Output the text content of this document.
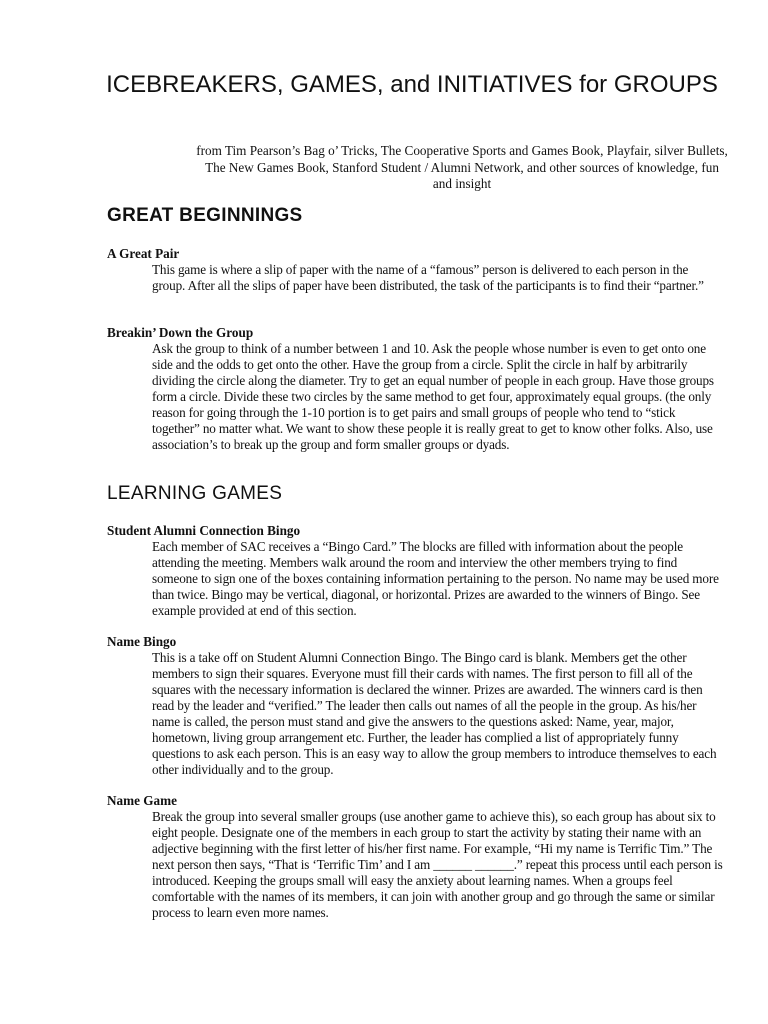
ICEBREAKERS, GAMES, and INITIATIVES for GROUPS

from Tim Pearson’s Bag o’ Tricks, The Cooperative Sports and Games Book, Playfair, silver Bullets, The New Games Book, Stanford Student / Alumni Network, and other sources of knowledge, fun and insight

GREAT BEGINNINGS
A Great Pair

This game is where a slip of paper with the name of a “famous” person is delivered to each person in the group. After all the slips of paper have been distributed, the task of the participants is to find their “partner.”

Breakin’ Down the Group

Ask the group to think of a number between 1 and 10. Ask the people whose number is even to get onto one side and the odds to get onto the other. Have the group from a circle. Split the circle in half by arbitrarily dividing the circle along the diameter. Try to get an equal number of people in each group. Have those groups form a circle. Divide these two circles by the same method to get four, approximately equal groups. (the only reason for going through the 1-10 portion is to get pairs and small groups of people who tend to “stick together” no matter what. We want to show these people it is really great to get to know other folks. Also, use association’s to break up the group and form smaller groups or dyads.

LEARNING GAMES
Student Alumni Connection Bingo

Each member of SAC receives a “Bingo Card.” The blocks are filled with information about the people attending the meeting. Members walk around the room and interview the other members trying to find someone to sign one of the boxes containing information pertaining to the person. No name may be used more than twice. Bingo may be vertical, diagonal, or horizontal. Prizes are awarded to the winners of Bingo. See example provided at end of this section.

Name Bingo

This is a take off on Student Alumni Connection Bingo. The Bingo card is blank. Members get the other members to sign their squares. Everyone must fill their cards with names. The first person to fill all of the squares with the necessary information is declared the winner. Prizes are awarded. The winners card is then read by the leader and “verified.” The leader then calls out names of all the people in the group. As his/her name is called, the person must stand and give the answers to the questions asked: Name, year, major, hometown, living group arrangement etc. Further, the leader has complied a list of appropriately funny questions to ask each person. This is an easy way to allow the group members to introduce themselves to each other individually and to the group.

Name Game

Break the group into several smaller groups (use another game to achieve this), so each group has about six to eight people. Designate one of the members in each group to start the activity by stating their name with an adjective beginning with the first letter of his/her first name. For example, “Hi my name is Terrific Tim.” The next person then says, “That is ‘Terrific Tim’ and I am ______ ______.” repeat this process until each person is introduced. Keeping the groups small will easy the anxiety about learning names. When a groups feel comfortable with the names of its members, it can join with another group and go through the same or similar process to learn even more names.
